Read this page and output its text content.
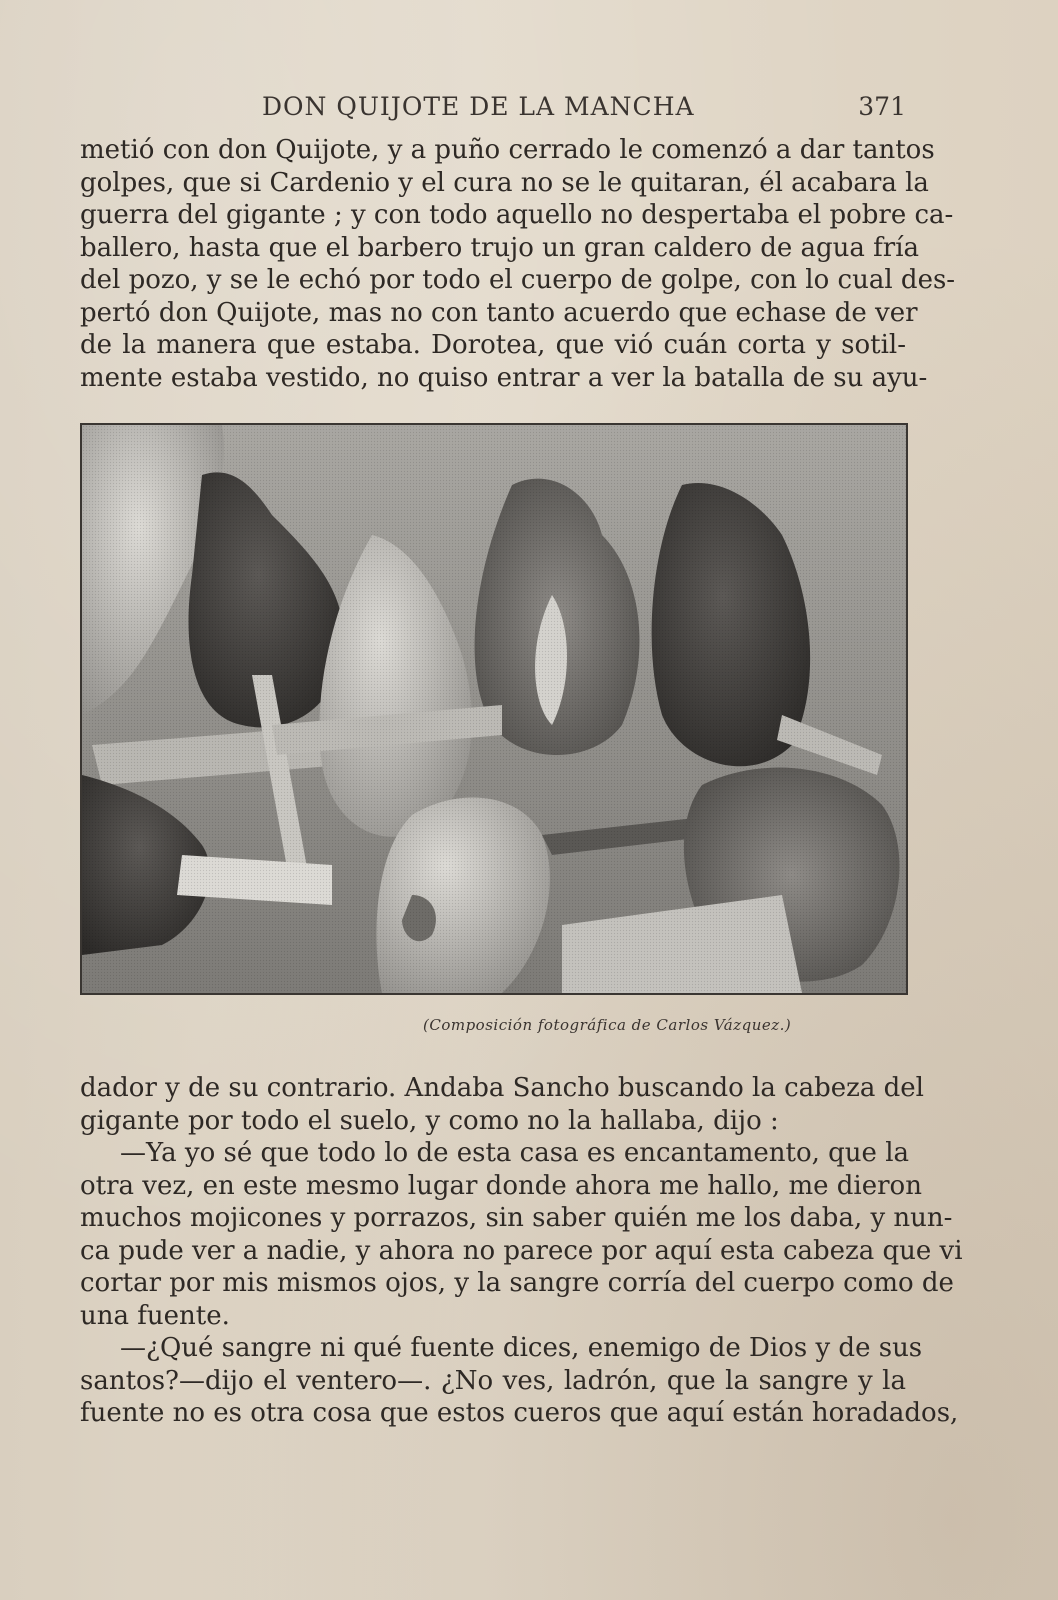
DON QUIJOTE DE LA MANCHA	371
metió con don Quijote, y a puño cerrado le comenzó a dar tantos
golpes, que si Cardenio y el cura no se le quitaran, él acabara la
guerra del gigante ; y con todo aquello no despertaba el pobre ca-
ballero, hasta que el barbero trujo un gran caldero de agua fría
del pozo, y se le echó por todo el cuerpo de golpe, con lo cual des-
pertó don Quijote, mas no con tanto acuerdo que echase de ver
de la manera que estaba. Dorotea, que vió cuán corta y sotil-
mente estaba vestido, no quiso entrar a ver la batalla de su ayu-
(Composición fotográfica de Carlos Vázquez.)
dador y de su contrario. Andaba Sancho buscando la cabeza del
gigante por todo el suelo, y como no la hallaba, dijo :
—Ya yo sé que todo lo de esta casa es encantamento, que la
otra vez, en este mesmo lugar donde ahora me hallo, me dieron
muchos mojicones y porrazos, sin saber quién me los daba, y nun-
ca pude ver a nadie, y ahora no parece por aquí esta cabeza que vi
cortar por mis mismos ojos, y la sangre corría del cuerpo como de
una fuente.
—¿Qué sangre ni qué fuente dices, enemigo de Dios y de sus
santos?—dijo el ventero—. ¿No ves, ladrón, que la sangre y la
fuente no es otra cosa que estos cueros que aquí están horadados,
